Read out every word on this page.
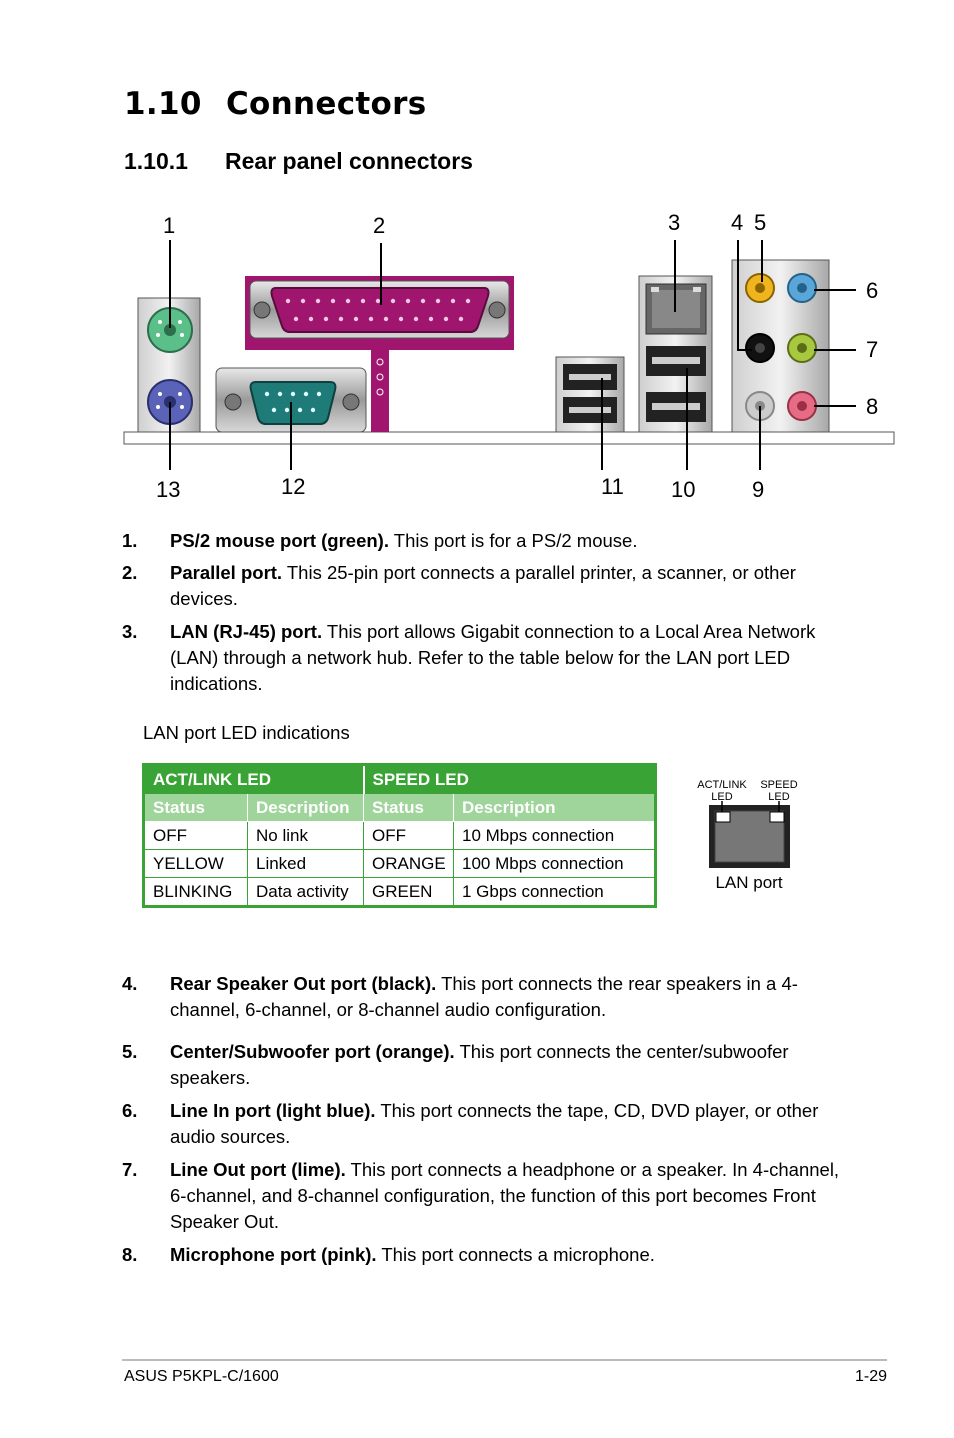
1.10 Connectors
1.10.1 Rear panel connectors
1	2	3 4 5
6
7
8
9
10
11
12
13
1. PS/2 mouse port (green). This port is for a PS/2 mouse.
2. Parallel port. This 25-pin port connects a parallel printer, a scanner, or other devices.
3. LAN (RJ-45) port. This port allows Gigabit connection to a Local Area Network (LAN) through a network hub. Refer to the table below for the LAN port LED indications.
LAN port LED indications
ACT/LINK LED		SPEED LED	
Status	Description	Status	Description
OFF	No link	OFF	10 Mbps connection
YELLOW	Linked	ORANGE	100 Mbps connection
BLINKING	Data activity	GREEN	1 Gbps connection
ACT/LINK
LED
SPEED
LED
LAN port
4. Rear Speaker Out port (black). This port connects the rear speakers in a 4-channel, 6-channel, or 8-channel audio configuration.
5. Center/Subwoofer port (orange). This port connects the center/subwoofer speakers.
6. Line In port (light blue). This port connects the tape, CD, DVD player, or other audio sources.
7. Line Out port (lime). This port connects a headphone or a speaker. In 4-channel, 6-channel, and 8-channel configuration, the function of this port becomes Front Speaker Out.
8. Microphone port (pink). This port connects a microphone.
ASUS P5KPL-C/1600	1-29
